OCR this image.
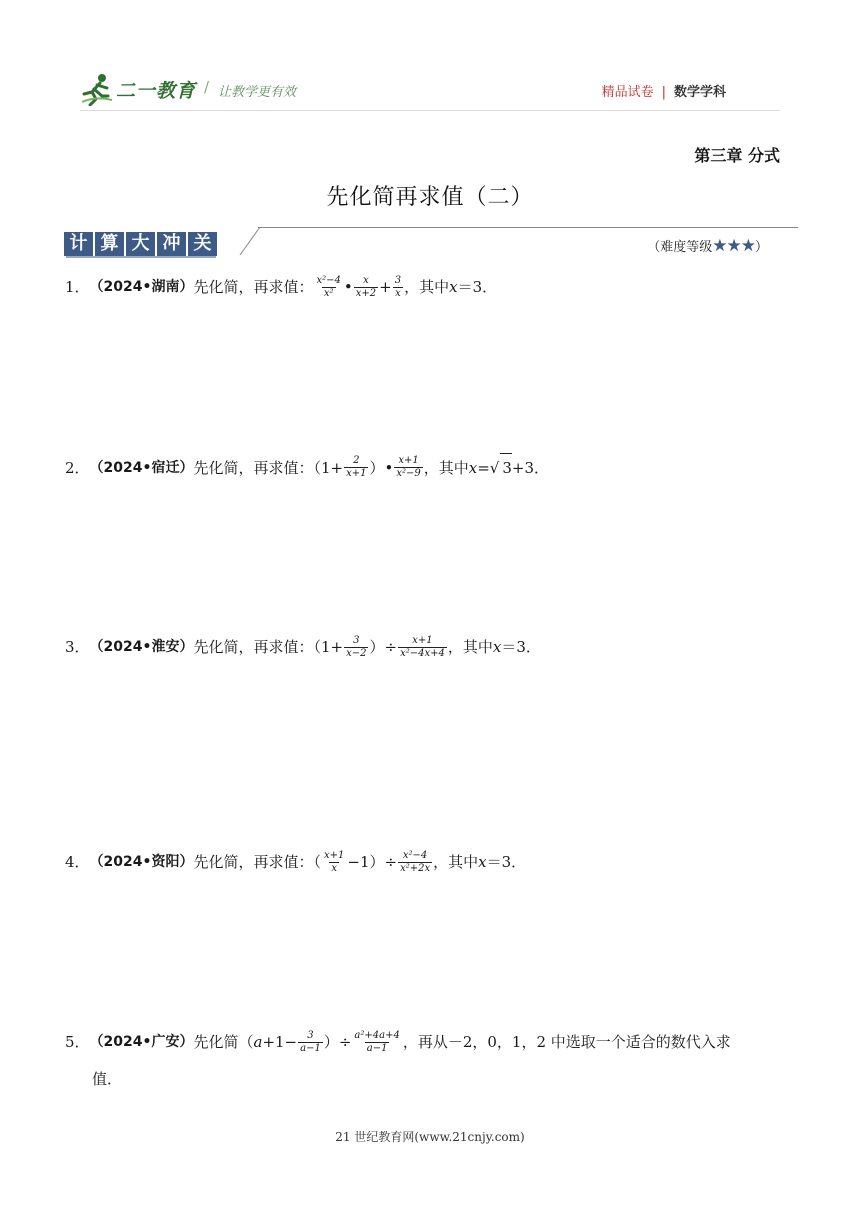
二一教育 / 让教学更有效	精品试卷 | 数学学科
第三章 分式
先化简再求值（二）
计 算 大 冲 关	（难度等级★★★）
1． （2024•湖南） 先化简，再求值： $\frac{\text{x²−4}}{\text{x²}}$ • $\frac{x}{x+2} + \frac{3}{x}$ ，其中 x ＝3．
2． （2024•宿迁） 先化简，再求值：（$1+ \frac{2}{x+1}$ ）• $\frac{x+1}{\text{x²−9}}$ ，其中 x = √ 3 +3．
3． （2024•淮安） 先化简，再求值：（$1+ \frac{3}{x-2}$ ）÷ $\frac{x+1}{\text{x²−4x+4}}$ ，其中 x ＝3．
4． （2024•资阳） 先化简，再求值：（ $\frac{x+1}{x} -1)\div \frac{\text{x²−4}}{\text{x²+2x}}$ ，其中 x ＝3．
5． （2024•广安） 先化简（ $a +1- \frac{3}{a-1}$ ）÷ $\frac{\text{a²+4a+4}}{a-1}$ ，再从－2，0，1，2 中选取一个适合的数代入求
值．
21 世纪教育网(www.21cnjy.com)
